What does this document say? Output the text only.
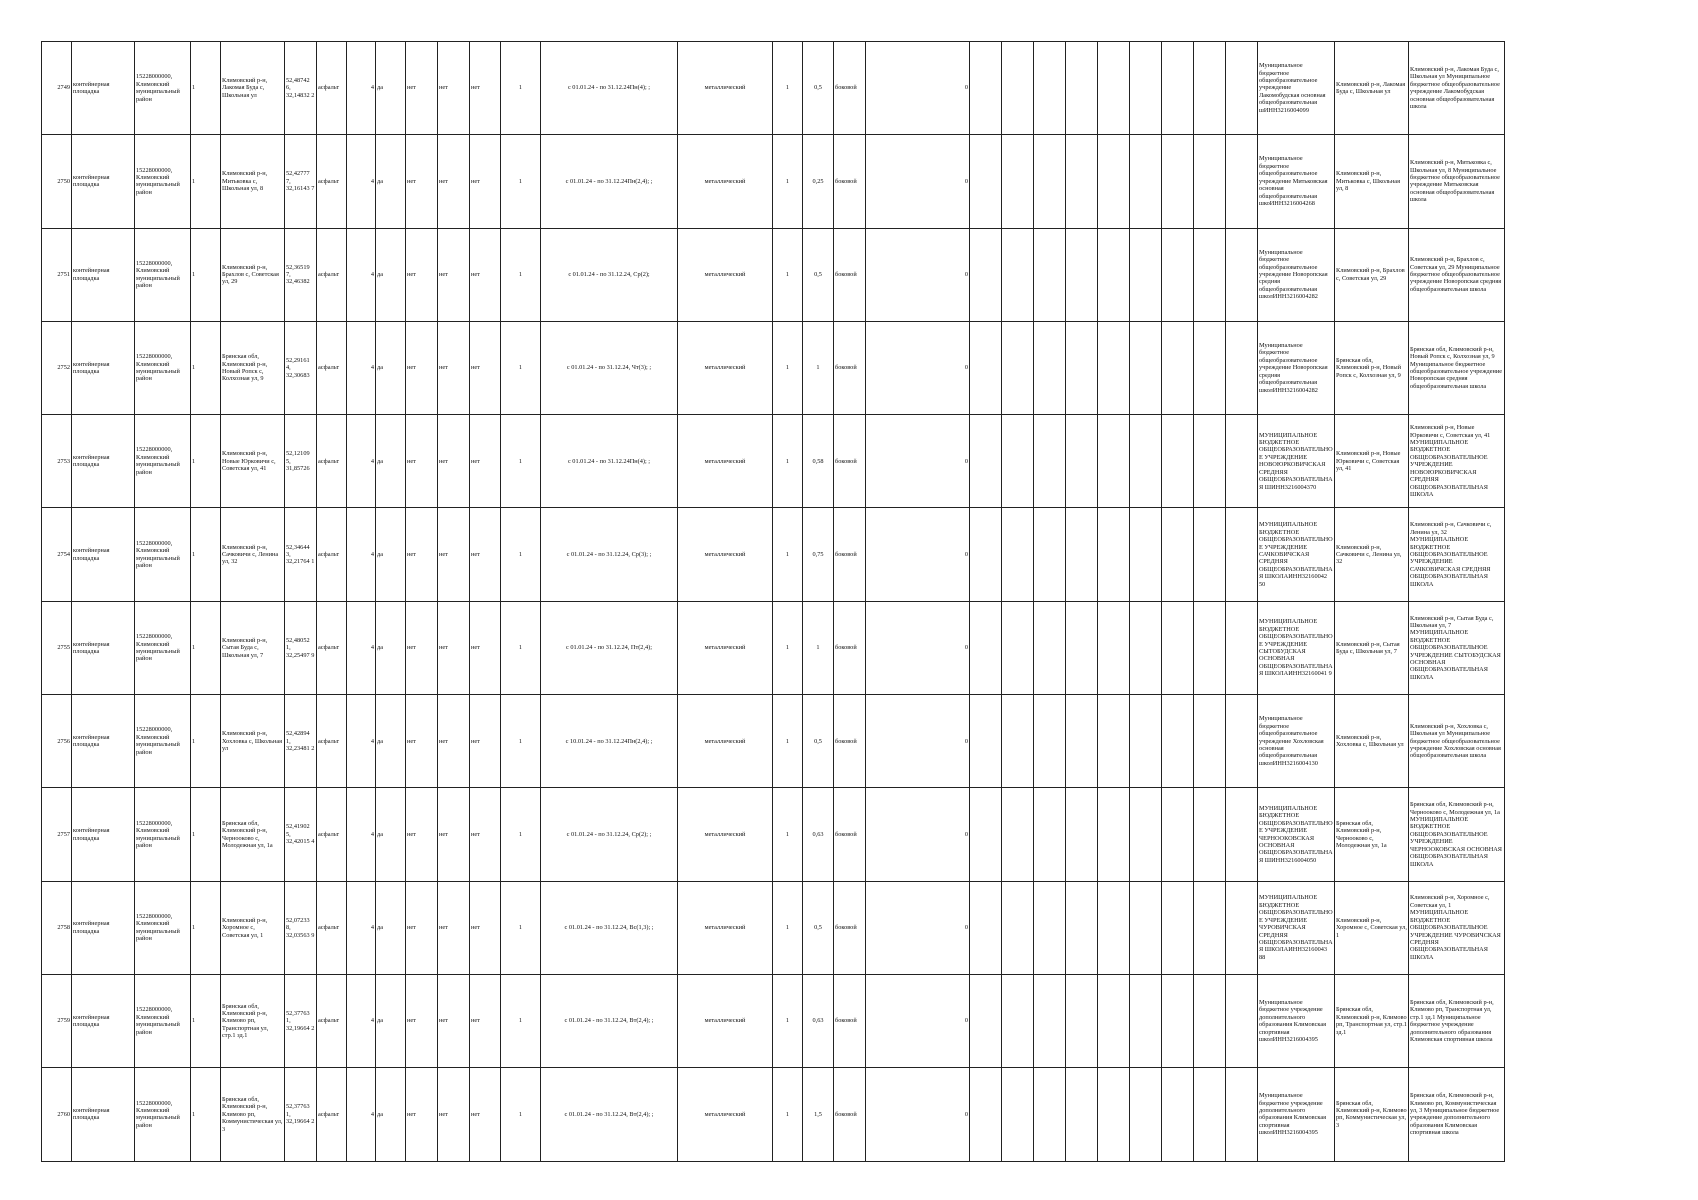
2749	контейнерная площадка	15228000000, Климовский муниципальный район	1	Климовский р-н, Лакомая Буда с, Школьная ул	52,48742 6, 32,14832 2	асфальт	4	да	нет	нет	нет	1	с 01.01.24 - по 31.12.24Пн(4); ;	металлический	1	0,5	боковой	0										Муниципальное бюджетное общеобразовательное учреждение Лакомобудская основная общеобразовательная шИНН3216004099	Климовский р-н, Лакомая Буда с, Школьная ул	Климовский р-н, Лакомая Буда с, Школьная ул Муниципальное бюджетное общеобразовательное учреждение Лакомобудская основная общеобразовательная школа
2750	контейнерная площадка	15228000000, Климовский муниципальный район	1	Климовский р-н, Митьковка с, Школьная ул, 8	52,42777 7, 32,16143 7	асфальт	4	да	нет	нет	нет	1	с 01.01.24 - по 31.12.24Пн(2,4); ;	металлический	1	0,25	боковой	0										Муниципальное бюджетное общеобразовательное учреждение Митьковская основная общеобразовательная шкоИНН3216004268	Климовский р-н, Митьковка с, Школьная ул, 8	Климовский р-н, Митьковка с, Школьная ул, 8 Муниципальное бюджетное общеобразовательное учреждение Митьковская основная общеобразовательная школа
2751	контейнерная площадка	15228000000, Климовский муниципальный район	1	Климовский р-н, Брахлов с, Советская ул, 29	52,36519 7, 32,46382	асфальт	4	да	нет	нет	нет	1	с 01.01.24 - по 31.12.24, Ср(2);	металлический	1	0,5	боковой	0										Муниципальное бюджетное общеобразовательное учреждение Новоропская средняя общеобразовательная школИНН3216004282	Климовский р-н, Брахлов с, Советская ул, 29	Климовский р-н, Брахлов с, Советская ул, 29 Муниципальное бюджетное общеобразовательное учреждение Новоропская средняя общеобразовательная школа
2752	контейнерная площадка	15228000000, Климовский муниципальный район	1	Брянская обл, Климовский р-н, Новый Ропск с, Колхозная ул, 9	52,29161 4, 32,30683	асфальт	4	да	нет	нет	нет	1	с 01.01.24 - по 31.12.24, Чт(3); ;	металлический	1	1	боковой	0										Муниципальное бюджетное общеобразовательное учреждение Новоропская средняя общеобразовательная школИНН3216004282	Брянская обл, Климовский р-н, Новый Ропск с, Колхозная ул, 9	Брянская обл, Климовский р-н, Новый Ропск с, Колхозная ул, 9 Муниципальное бюджетное общеобразовательное учреждение Новоропская средняя общеобразовательная школа
2753	контейнерная площадка	15228000000, Климовский муниципальный район	1	Климовский р-н, Новые Юрковичи с, Советская ул, 41	52,12109 5, 31,85726	асфальт	4	да	нет	нет	нет	1	с 01.01.24 - по 31.12.24Пн(4); ;	металлический	1	0,58	боковой	0										МУНИЦИПАЛЬНОЕ БЮДЖЕТНОЕ ОБЩЕОБРАЗОВАТЕЛЬНОЕ УЧРЕЖДЕНИЕ НОВОЮРКОВИЧСКАЯ СРЕДНЯЯ ОБЩЕОБРАЗОВАТЕЛЬНАЯ ШИНН3216004370	Климовский р-н, Новые Юрковичи с, Советская ул, 41	Климовский р-н, Новые Юрковичи с, Советская ул, 41 МУНИЦИПАЛЬНОЕ БЮДЖЕТНОЕ ОБЩЕОБРАЗОВАТЕЛЬНОЕ УЧРЕЖДЕНИЕ НОВОЮРКОВИЧСКАЯ СРЕДНЯЯ ОБЩЕОБРАЗОВАТЕЛЬНАЯ ШКОЛА
2754	контейнерная площадка	15228000000, Климовский муниципальный район	1	Климовский р-н, Сачковичи с, Ленина ул, 32	52,34644 3, 32,21764 1	асфальт	4	да	нет	нет	нет	1	с 01.01.24 - по 31.12.24, Ср(3); ;	металлический	1	0,75	боковой	0										МУНИЦИПАЛЬНОЕ БЮДЖЕТНОЕ ОБЩЕОБРАЗОВАТЕЛЬНОЕ УЧРЕЖДЕНИЕ САЧКОВИЧСКАЯ СРЕДНЯЯ ОБЩЕОБРАЗОВАТЕЛЬНАЯ ШКОЛАИНН32160042 50	Климовский р-н, Сачковичи с, Ленина ул, 32	Климовский р-н, Сачковичи с, Ленина ул, 32 МУНИЦИПАЛЬНОЕ БЮДЖЕТНОЕ ОБЩЕОБРАЗОВАТЕЛЬНОЕ УЧРЕЖДЕНИЕ САЧКОВИЧСКАЯ СРЕДНЯЯ ОБЩЕОБРАЗОВАТЕЛЬНАЯ ШКОЛА
2755	контейнерная площадка	15228000000, Климовский муниципальный район	1	Климовский р-н, Сытая Буда с, Школьная ул, 7	52,48052 1, 32,25497 9	асфальт	4	да	нет	нет	нет	1	с 01.01.24 - по 31.12.24, Пт(2,4);	металлический	1	1	боковой	0										МУНИЦИПАЛЬНОЕ БЮДЖЕТНОЕ ОБЩЕОБРАЗОВАТЕЛЬНОЕ УЧРЕЖДЕНИЕ СЫТОБУДСКАЯ ОСНОВНАЯ ОБЩЕОБРАЗОВАТЕЛЬНАЯ ШКОЛАИНН32160041 9	Климовский р-н, Сытая Буда с, Школьная ул, 7	Климовский р-н, Сытая Буда с, Школьная ул, 7 МУНИЦИПАЛЬНОЕ БЮДЖЕТНОЕ ОБЩЕОБРАЗОВАТЕЛЬНОЕ УЧРЕЖДЕНИЕ СЫТОБУДСКАЯ ОСНОВНАЯ ОБЩЕОБРАЗОВАТЕЛЬНАЯ ШКОЛА
2756	контейнерная площадка	15228000000, Климовский муниципальный район	1	Климовский р-н, Хохловка с, Школьная ул	52,42894 1, 32,23481 2	асфальт	4	да	нет	нет	нет	1	с 10.01.24 - по 31.12.24Пн(2,4); ;	металлический	1	0,5	боковой	0										Муниципальное бюджетное общеобразовательное учреждение Хохловская основная общеобразовательная школИНН3216004130	Климовский р-н, Хохловка с, Школьная ул	Климовский р-н, Хохловка с, Школьная ул Муниципальное бюджетное общеобразовательное учреждение Хохловская основная общеобразовательная школа
2757	контейнерная площадка	15228000000, Климовский муниципальный район	1	Брянская обл, Климовский р-н, Чернооково с, Молодежная ул, 1а	52,41902 5, 32,42015 4	асфальт	4	да	нет	нет	нет	1	с 01.01.24 - по 31.12.24, Ср(2); ;	металлический	1	0,63	боковой	0										МУНИЦИПАЛЬНОЕ БЮДЖЕТНОЕ ОБЩЕОБРАЗОВАТЕЛЬНОЕ УЧРЕЖДЕНИЕ ЧЕРНООКОВСКАЯ ОСНОВНАЯ ОБЩЕОБРАЗОВАТЕЛЬНАЯ ШИНН3216004050	Брянская обл, Климовский р-н, Чернооково с, Молодежная ул, 1а	Брянская обл, Климовский р-н, Чернооково с, Молодежная ул, 1а МУНИЦИПАЛЬНОЕ БЮДЖЕТНОЕ ОБЩЕОБРАЗОВАТЕЛЬНОЕ УЧРЕЖДЕНИЕ ЧЕРНООКОВСКАЯ ОСНОВНАЯ ОБЩЕОБРАЗОВАТЕЛЬНАЯ ШКОЛА
2758	контейнерная площадка	15228000000, Климовский муниципальный район	1	Климовский р-н, Хоромное с, Советская ул, 1	52,07233 8, 32,03563 9	асфальт	4	да	нет	нет	нет	1	с 01.01.24 - по 31.12.24, Вс(1,3); ;	металлический	1	0,5	боковой	0										МУНИЦИПАЛЬНОЕ БЮДЖЕТНОЕ ОБЩЕОБРАЗОВАТЕЛЬНОЕ УЧРЕЖДЕНИЕ ЧУРОВИЧСКАЯ СРЕДНЯЯ ОБЩЕОБРАЗОВАТЕЛЬНАЯ ШКОЛАИНН32160043 88	Климовский р-н, Хоромное с, Советская ул, 1	Климовский р-н, Хоромное с, Советская ул, 1 МУНИЦИПАЛЬНОЕ БЮДЖЕТНОЕ ОБЩЕОБРАЗОВАТЕЛЬНОЕ УЧРЕЖДЕНИЕ ЧУРОВИЧСКАЯ СРЕДНЯЯ ОБЩЕОБРАЗОВАТЕЛЬНАЯ ШКОЛА
2759	контейнерная площадка	15228000000, Климовский муниципальный район	1	Брянская обл, Климовский р-н, Климово рп, Транспортная ул, стр.1 зд.1	52,37763 1, 32,19664 2	асфальт	4	да	нет	нет	нет	1	с 01.01.24 - по 31.12.24, Вт(2,4); ;	металлический	1	0,63	боковой	0										Муниципальное бюджетное учреждение дополнительного образования Климовская спортивная школИНН3216004395	Брянская обл, Климовский р-н, Климово рп, Транспортная ул, стр.1 зд.1	Брянская обл, Климовский р-н, Климово рп, Транспортная ул, стр.1 зд.1 Муниципальное бюджетное учреждение дополнительного образования Климовская спортивная школа
2760	контейнерная площадка	15228000000, Климовский муниципальный район	1	Брянская обл, Климовский р-н, Климово рп, Коммунистическая ул, 3	52,37763 1, 32,19664 2	асфальт	4	да	нет	нет	нет	1	с 01.01.24 - по 31.12.24, Вт(2,4); ;	металлический	1	1,5	боковой	0										Муниципальное бюджетное учреждение дополнительного образования Климовская спортивная школИНН3216004395	Брянская обл, Климовский р-н, Климово рп, Коммунистическая ул, 3	Брянская обл, Климовский р-н, Климово рп, Коммунистическая ул, 3 Муниципальное бюджетное учреждение дополнительного образования Климовская спортивная школа
